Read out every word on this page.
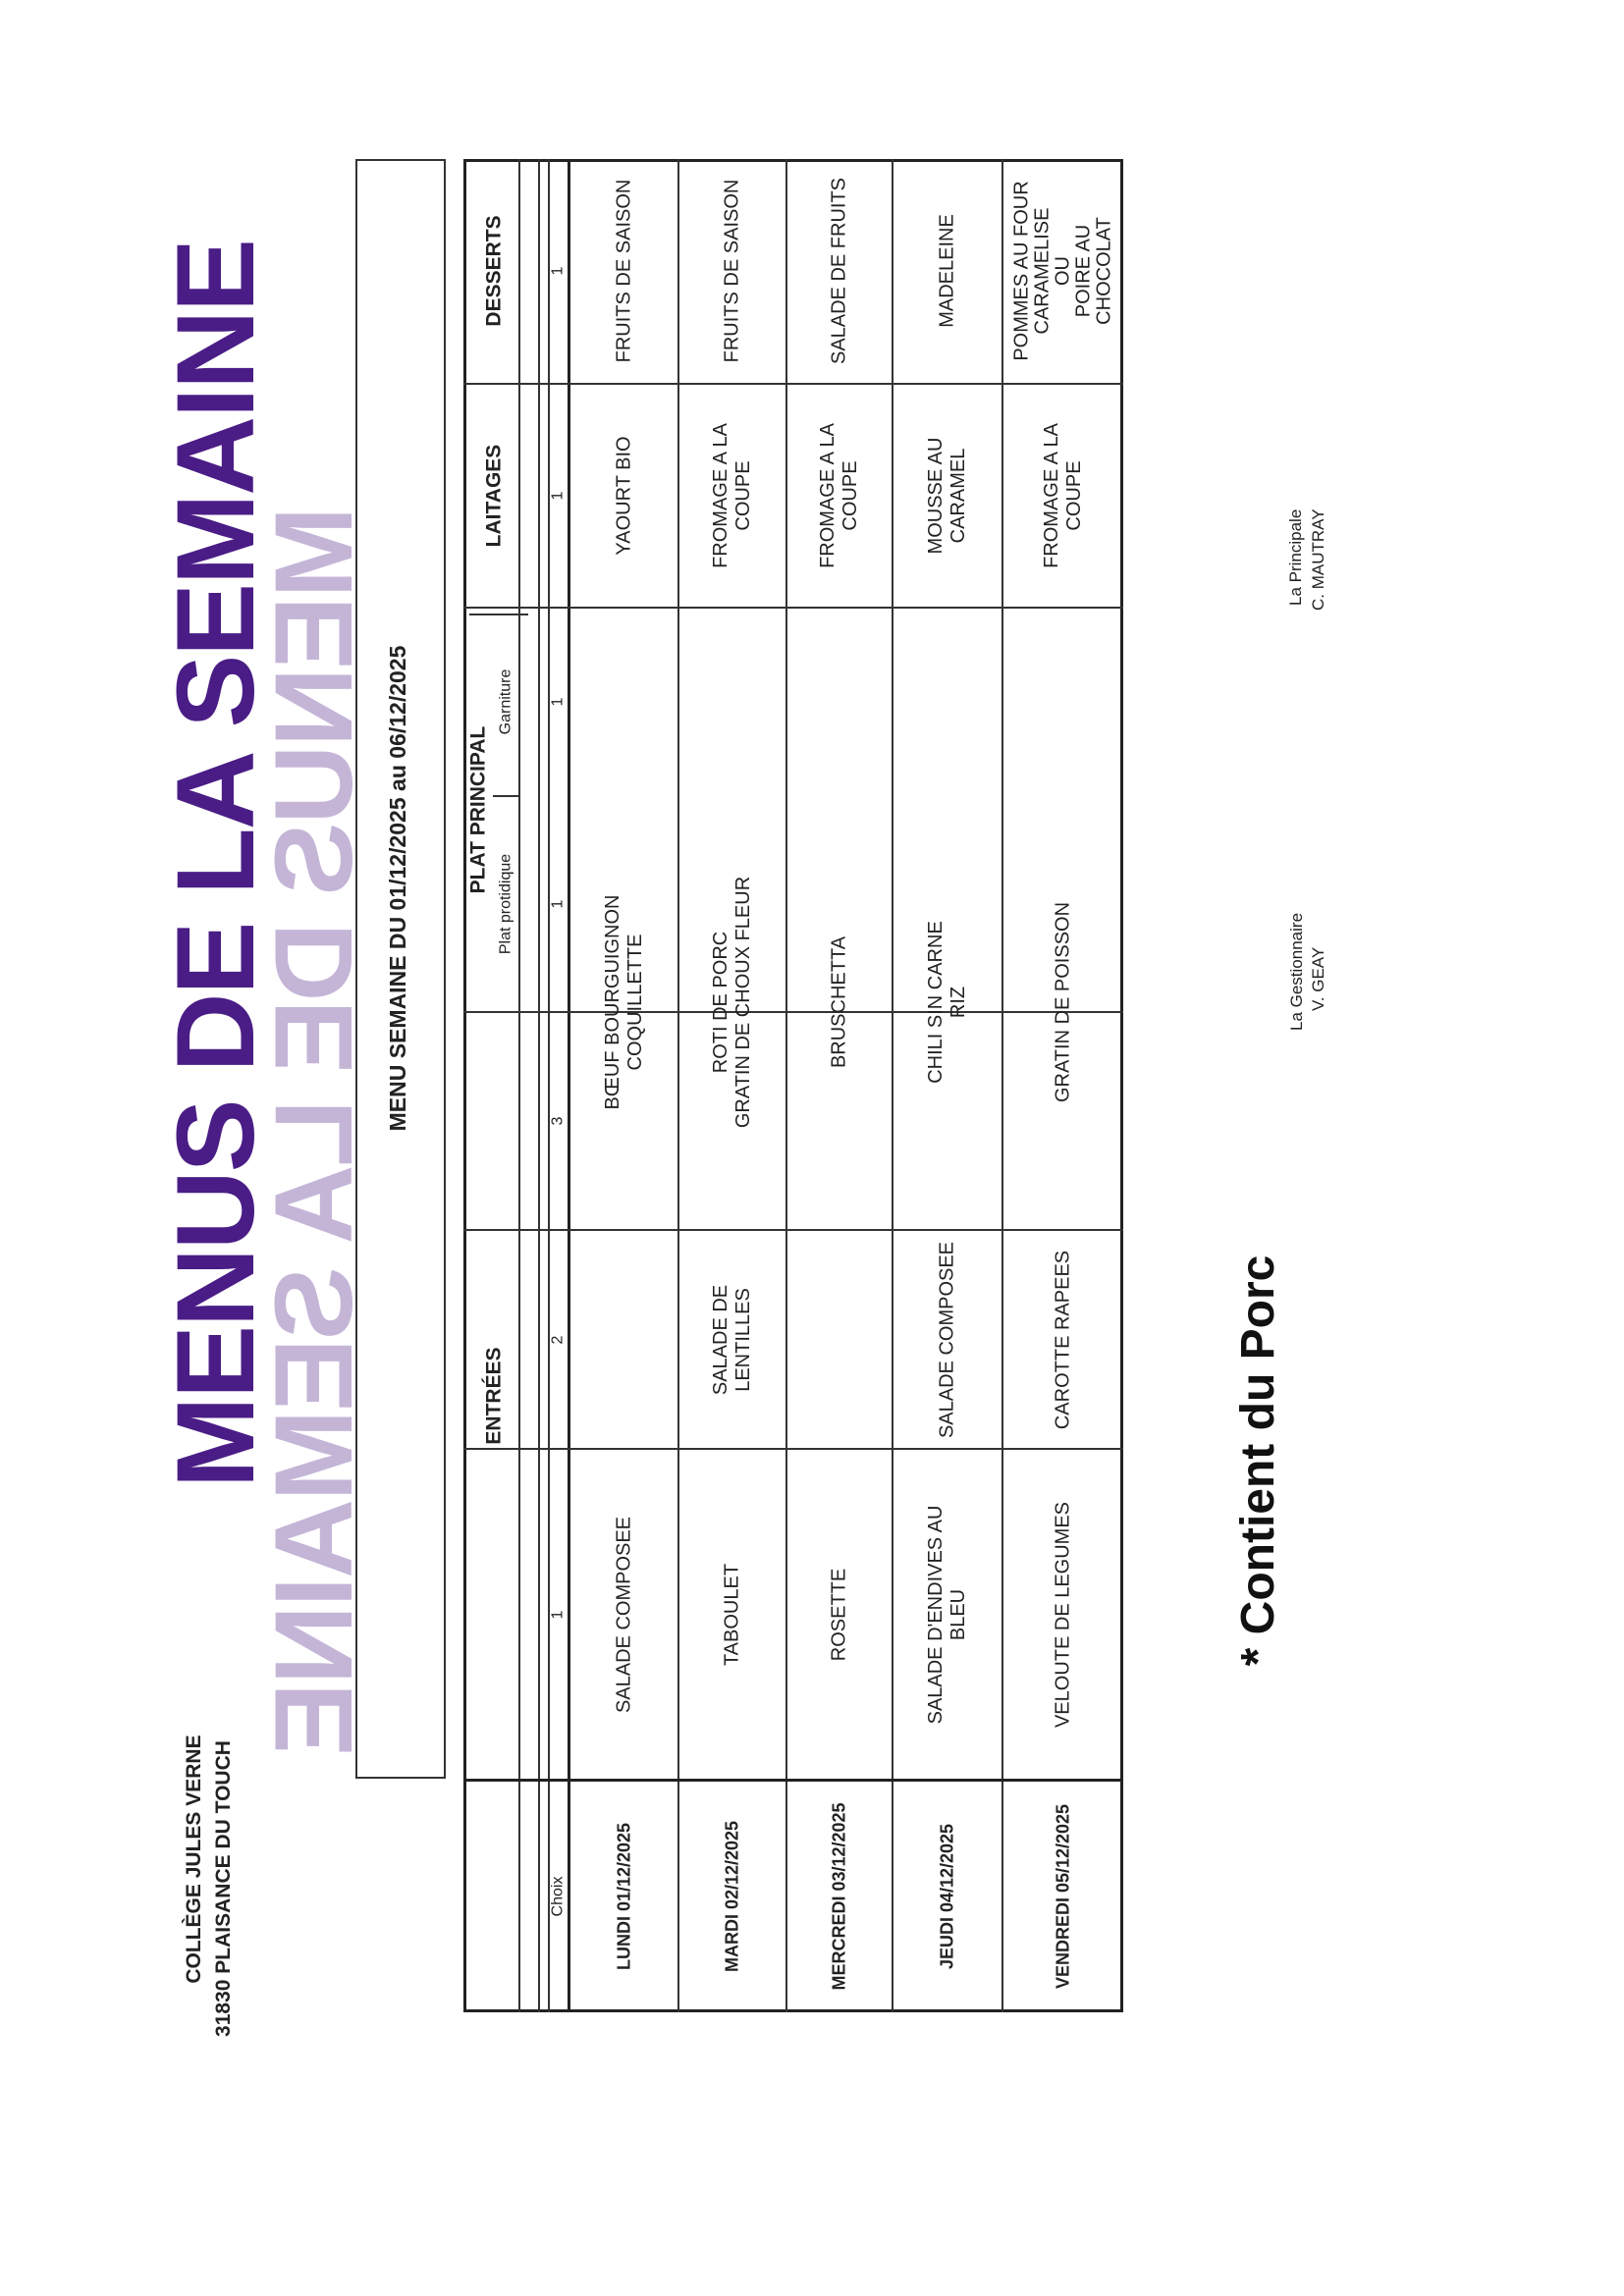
COLLÈGE JULES VERNE 31830 PLAISANCE DU TOUCH
MENUS DE LA SEMAINE
MENUS DE LA SEMAINE MENU SEMAINE DU 01/12/2025 au 06/12/2025
DESSERTS
LAITAGES
PLAT PRINCIPAL
Garniture
Plat protidique
ENTRÉES
Choix
1
1
1
1
3
2
1
LUNDI 01/12/2025
SALADE COMPOSEE
BŒUF BOURGUIGNON
COQUILLETTE
YAOURT BIO
FRUITS DE SAISON
MARDI 02/12/2025
TABOULET
SALADE DE
LENTILLES
ROTI DE PORC
GRATIN DE CHOUX FLEUR
FROMAGE A LA
COUPE
FRUITS DE SAISON
MERCREDI 03/12/2025
ROSETTE
BRUSCHETTA
FROMAGE A LA
COUPE
SALADE DE FRUITS
JEUDI 04/12/2025
SALADE D'ENDIVES AU
BLEU
SALADE COMPOSEE
CHILI SIN CARNE
RIZ
MOUSSE AU
CARAMEL
MADELEINE
VENDREDI 05/12/2025
VELOUTE DE LEGUMES
CAROTTE RAPEES
GRATIN DE POISSON
FROMAGE A LA
COUPE
POMMES AU FOUR
CARAMELISE
OU
POIRE AU
CHOCOLAT
* Contient du Porc
La Gestionnaire V. GEAY
La Principale C. MAUTRAY
